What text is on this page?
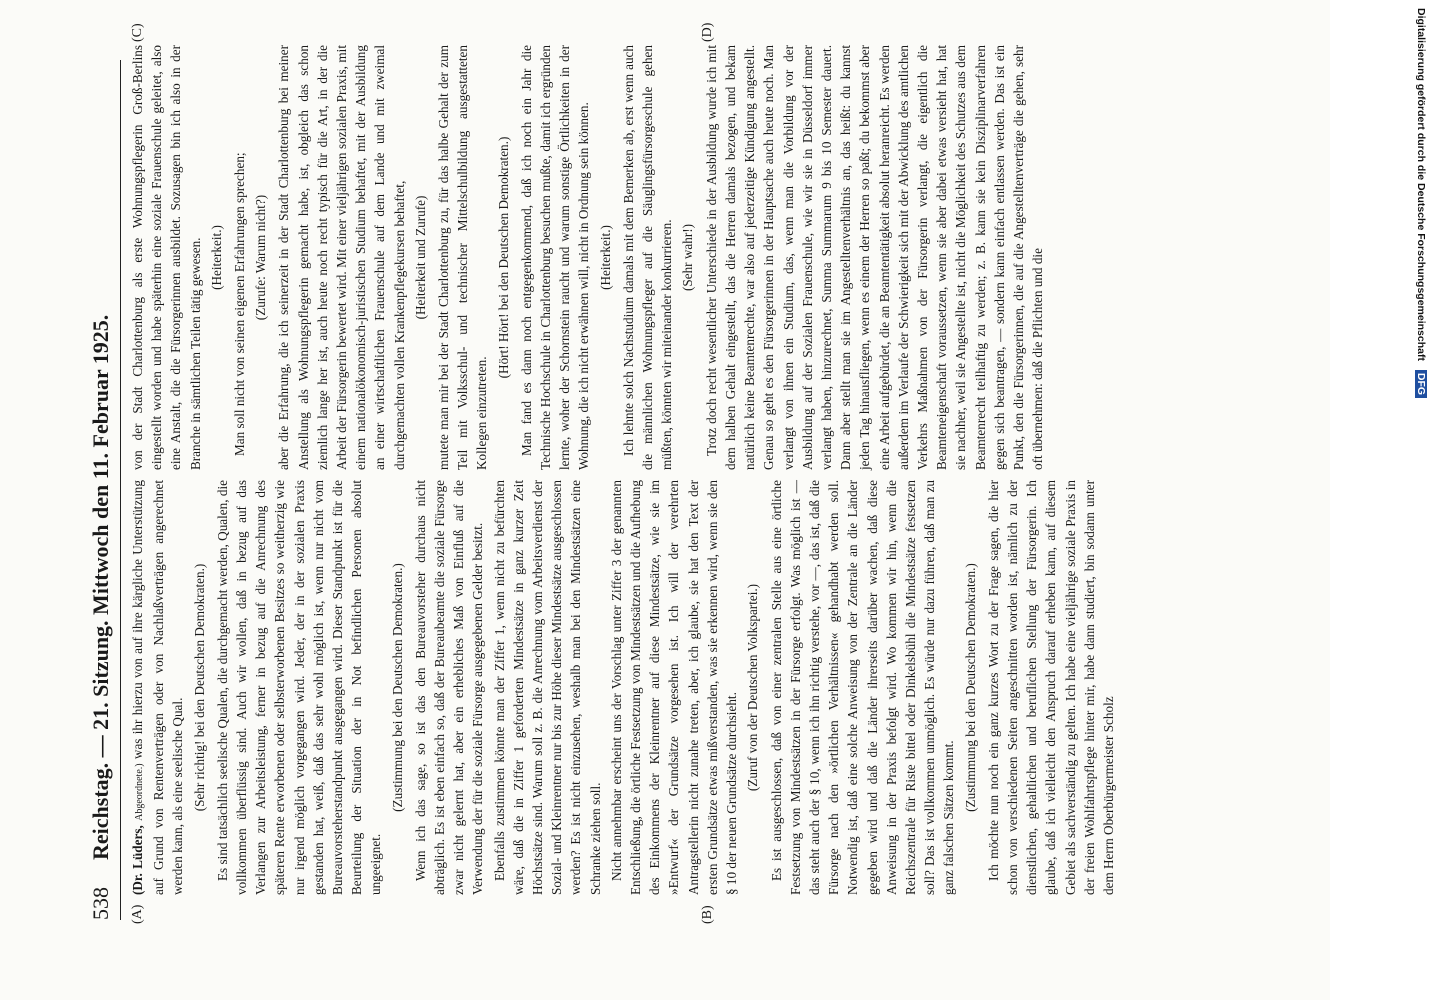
538
Reichstag. — 21. Sitzung. Mittwoch den 11. Februar 1925.
(A)	(B)
(C)	(D)

(Dr. Lüders, Abgeordnete.) was ihr hierzu von auf ihre kärgliche Unterstützung auf Grund von Rentenverträgen oder von Nachlaßverträgen angerechnet werden kann, als eine seelische Qual. (Sehr richtig! bei den Deutschen Demokraten.) Es sind tatsächlich seelische Qualen, die durchgemacht werden, Qualen, die vollkommen überflüssig sind. Auch wir wollen, daß in bezug auf das Verlangen zur Arbeitsleistung, ferner in bezug auf die Anrechnung des späteren Rente erworbenen oder selbsterworbenen Besitzes so weitherzig wie nur irgend möglich vorgegangen wird. Jeder, der in der sozialen Praxis gestanden hat, weiß, daß das sehr wohl möglich ist, wenn nur nicht vom Bureauvorsteherstandpunkt ausgegangen wird. Dieser Standpunkt ist für die Beurteilung der Situation der in Not befindlichen Personen absolut ungeeignet.

(Zustimmung bei den Deutschen Demokraten.) Wenn ich das sage, so ist das den Bureauvorsteher durchaus nicht abträglich. Es ist eben einfach so, daß der Bureaubeamte die soziale Fürsorge zwar nicht gelernt hat, aber ein erhebliches Maß von Einfluß auf die Verwendung der für die soziale Fürsorge ausgegebenen Gelder besitzt. Ebenfalls zustimmen könnte man der Ziffer 1, wenn nicht zu befürchten wäre, daß die in Ziffer 1 geforderten Mindestsätze in ganz kurzer Zeit Höchstsätze sind. Warum soll z. B. die Anrechnung vom Arbeitsverdienst der Sozial- und Kleinrentner nur bis zur Höhe dieser Mindestsätze ausgeschlossen werden? Es ist nicht einzusehen, weshalb man bei den Mindestsätzen eine Schranke ziehen soll. Nicht annehmbar erscheint uns der Vorschlag unter Ziffer 3 der genannten Entschließung, die örtliche Festsetzung von Mindestsätzen und die Aufhebung des Einkommens der Kleinrentner auf diese Mindestsätze, wie sie im »Entwurf« der Grundsätze vorgesehen ist. Ich will der verehrten Antragstellerin nicht zunahe treten, aber, ich glaube, sie hat den Text der ersten Grundsätze etwas mißverstanden, was sie erkennen wird, wenn sie den § 10 der neuen Grundsätze durchsieht.

(Zuruf von der Deutschen Volkspartei.) Es ist ausgeschlossen, daß von einer zentralen Stelle aus eine örtliche Festsetzung von Mindestsätzen in der Fürsorge erfolgt. Was möglich ist — das steht auch der § 10, wenn ich ihn richtig verstehe, vor —, das ist, daß die Fürsorge nach den »örtlichen Verhältnissen« gehandhabt werden soll. Notwendig ist, daß eine solche Anweisung von der Zentrale an die Länder gegeben wird und daß die Länder ihrerseits darüber wachen, daß diese Anweisung in der Praxis befolgt wird. Wo kommen wir hin, wenn die Reichszentrale für Riste bittel oder Dinkelsbühl die Mindestsätze festsetzen soll? Das ist vollkommen unmöglich. Es würde nur dazu führen, daß man zu ganz falschen Sätzen kommt.

(Zustimmung bei den Deutschen Demokraten.) Ich möchte nun noch ein ganz kurzes Wort zu der Frage sagen, die hier schon von verschiedenen Seiten angeschnitten worden ist, nämlich zu der dienstlichen, gehaltlichen und beruflichen Stellung der Fürsorgerin. Ich glaube, daß ich vielleicht den Anspruch darauf erheben kann, auf diesem Gebiet als sachverständig zu gelten. Ich habe eine vieljährige soziale Praxis in der freien Wohlfahrtspflege hinter mir, habe dann studiert, bin sodann unter dem Herrn Oberbürgermeister Scholz

von der Stadt Charlottenburg als erste Wohnungspflegerin Groß-Berlins eingestellt worden und habe späterhin eine soziale Frauenschule geleitet, also eine Anstalt, die die Fürsorgerinnen ausbildet. Sozusagen bin ich also in der Branche in sämtlichen Teilen tätig gewesen. (Heiterkeit.) Man soll nicht von seinen eigenen Erfahrungen sprechen; (Zurufe: Warum nicht?) aber die Erfahrung, die ich seinerzeit in der Stadt Charlottenburg bei meiner Anstellung als Wohnungspflegerin gemacht habe, ist, obgleich das schon ziemlich lange her ist, auch heute noch recht typisch für die Art, in der die Arbeit der Fürsorgerin bewertet wird. Mit einer vieljährigen sozialen Praxis, mit einem nationalökonomisch-juristischen Studium behaftet, mit der Ausbildung an einer wirtschaftlichen Frauenschule auf dem Lande und mit zweimal durchgemachten vollen Krankenpflegekursen behaftet, (Heiterkeit und Zurufe) mutete man mir bei der Stadt Charlottenburg zu, für das halbe Gehalt der zum Teil mit Volksschul- und technischer Mittelschulbildung ausgestatteten Kollegen einzutreten.

(Hört! Hört! bei den Deutschen Demokraten.) Man fand es dann noch entgegenkommend, daß ich noch ein Jahr die Technische Hochschule in Charlottenburg besuchen mußte, damit ich ergründen lernte, woher der Schornstein raucht und warum sonstige Örtlichkeiten in der Wohnung, die ich nicht erwähnen will, nicht in Ordnung sein können. (Heiterkeit.) Ich lehnte solch Nachstudium damals mit dem Bemerken ab, erst wenn auch die männlichen Wohnungspfleger auf die Säuglingsfürsorgeschule gehen müßten, könnten wir miteinander konkurrieren. (Sehr wahr!) Trotz doch recht wesentlicher Unterschiede in der Ausbildung wurde ich mit dem halben Gehalt eingestellt, das die Herren damals bezogen, und bekam natürlich keine Beamtenrechte, war also auf jederzeitige Kündigung angestellt. Genau so geht es den Fürsorgerinnen in der Hauptsache auch heute noch. Man verlangt von ihnen ein Studium, das, wenn man die Vorbildung vor der Ausbildung auf der Sozialen Frauenschule, wie wir sie in Düsseldorf immer verlangt haben, hinzurechnet, Summa Summarum 9 bis 10 Semester dauert. Dann aber stellt man sie im Angestelltenverhältnis an, das heißt: du kannst jeden Tag hinausfliegen, wenn es einem der Herren so paßt; du bekommst aber eine Arbeit aufgebürdet, die an Beamtentätigkeit absolut heranreicht. Es werden außerdem im Verlaufe der Schwierigkeit sich mit der Abwicklung des amtlichen Verkehrs Maßnahmen von der Fürsorgerin verlangt, die eigentlich die Beamteneigenschaft voraussetzen, wenn sie aber dabei etwas versieht hat, hat sie nachher, weil sie Angestellte ist, nicht die Möglichkeit des Schutzes aus dem Beamtenrecht teilhaftig zu werden; z. B. kann sie kein Disziplinarverfahren gegen sich beantragen, — sondern kann einfach entlassen werden. Das ist ein Punkt, den die Fürsorgerinnen, die auf die Angestelltenverträge die gehen, sehr oft übernehmen: daß die Pflichten und die	Digitalisierung gefördert durch die Deutsche Forschungsgemeinschaft DFG
